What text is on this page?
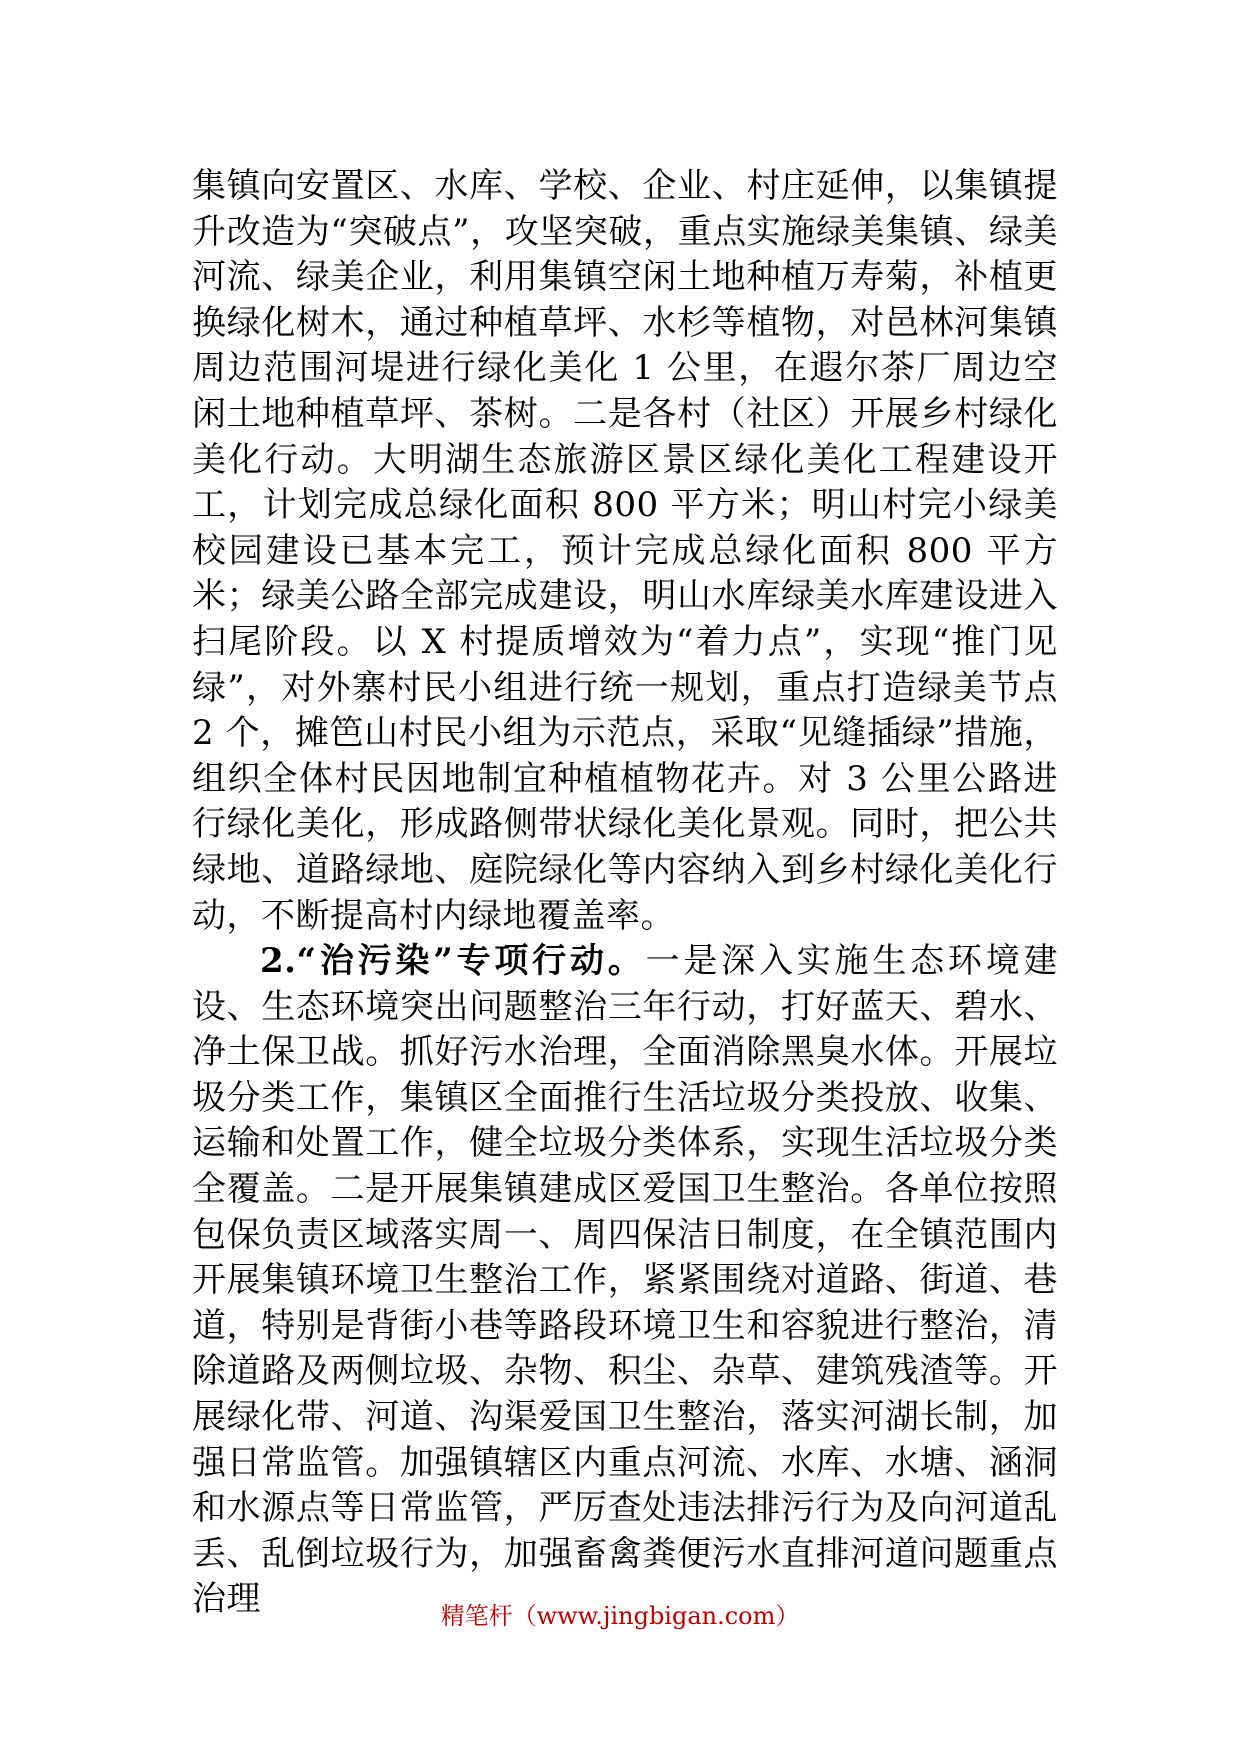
集镇向安置区、水库、学校、企业、村庄延伸，以集镇提升改造为“突破点”，攻坚突破，重点实施绿美集镇、绿美河流、绿美企业，利用集镇空闲土地种植万寿菊，补植更换绿化树木，通过种植草坪、水杉等植物，对邑林河集镇周边范围河堤进行绿化美化 1 公里，在遐尔茶厂周边空闲土地种植草坪、茶树。二是各村（社区）开展乡村绿化美化行动。大明湖生态旅游区景区绿化美化工程建设开工，计划完成总绿化面积 800 平方米；明山村完小绿美校园建设已基本完工，预计完成总绿化面积 800 平方米；绿美公路全部完成建设，明山水库绿美水库建设进入扫尾阶段。以 X 村提质增效为“着力点”，实现“推门见绿”，对外寨村民小组进行统一规划，重点打造绿美节点 2 个，摊笆山村民小组为示范点，采取“见缝插绿”措施，组织全体村民因地制宜种植植物花卉。对 3 公里公路进行绿化美化，形成路侧带状绿化美化景观。同时，把公共绿地、道路绿地、庭院绿化等内容纳入到乡村绿化美化行动，不断提高村内绿地覆盖率。

2.“治污染”专项行动。一是深入实施生态环境建设、生态环境突出问题整治三年行动，打好蓝天、碧水、净土保卫战。抓好污水治理，全面消除黑臭水体。开展垃圾分类工作，集镇区全面推行生活垃圾分类投放、收集、运输和处置工作，健全垃圾分类体系，实现生活垃圾分类全覆盖。二是开展集镇建成区爱国卫生整治。各单位按照包保负责区域落实周一、周四保洁日制度，在全镇范围内开展集镇环境卫生整治工作，紧紧围绕对道路、街道、巷道，特别是背街小巷等路段环境卫生和容貌进行整治，清除道路及两侧垃圾、杂物、积尘、杂草、建筑残渣等。开展绿化带、河道、沟渠爱国卫生整治，落实河湖长制，加强日常监管。加强镇辖区内重点河流、水库、水塘、涵洞和水源点等日常监管，严厉查处违法排污行为及向河道乱丢、乱倒垃圾行为，加强畜禽粪便污水直排河道问题重点治理	精笔杆（www.jingbigan.com）
